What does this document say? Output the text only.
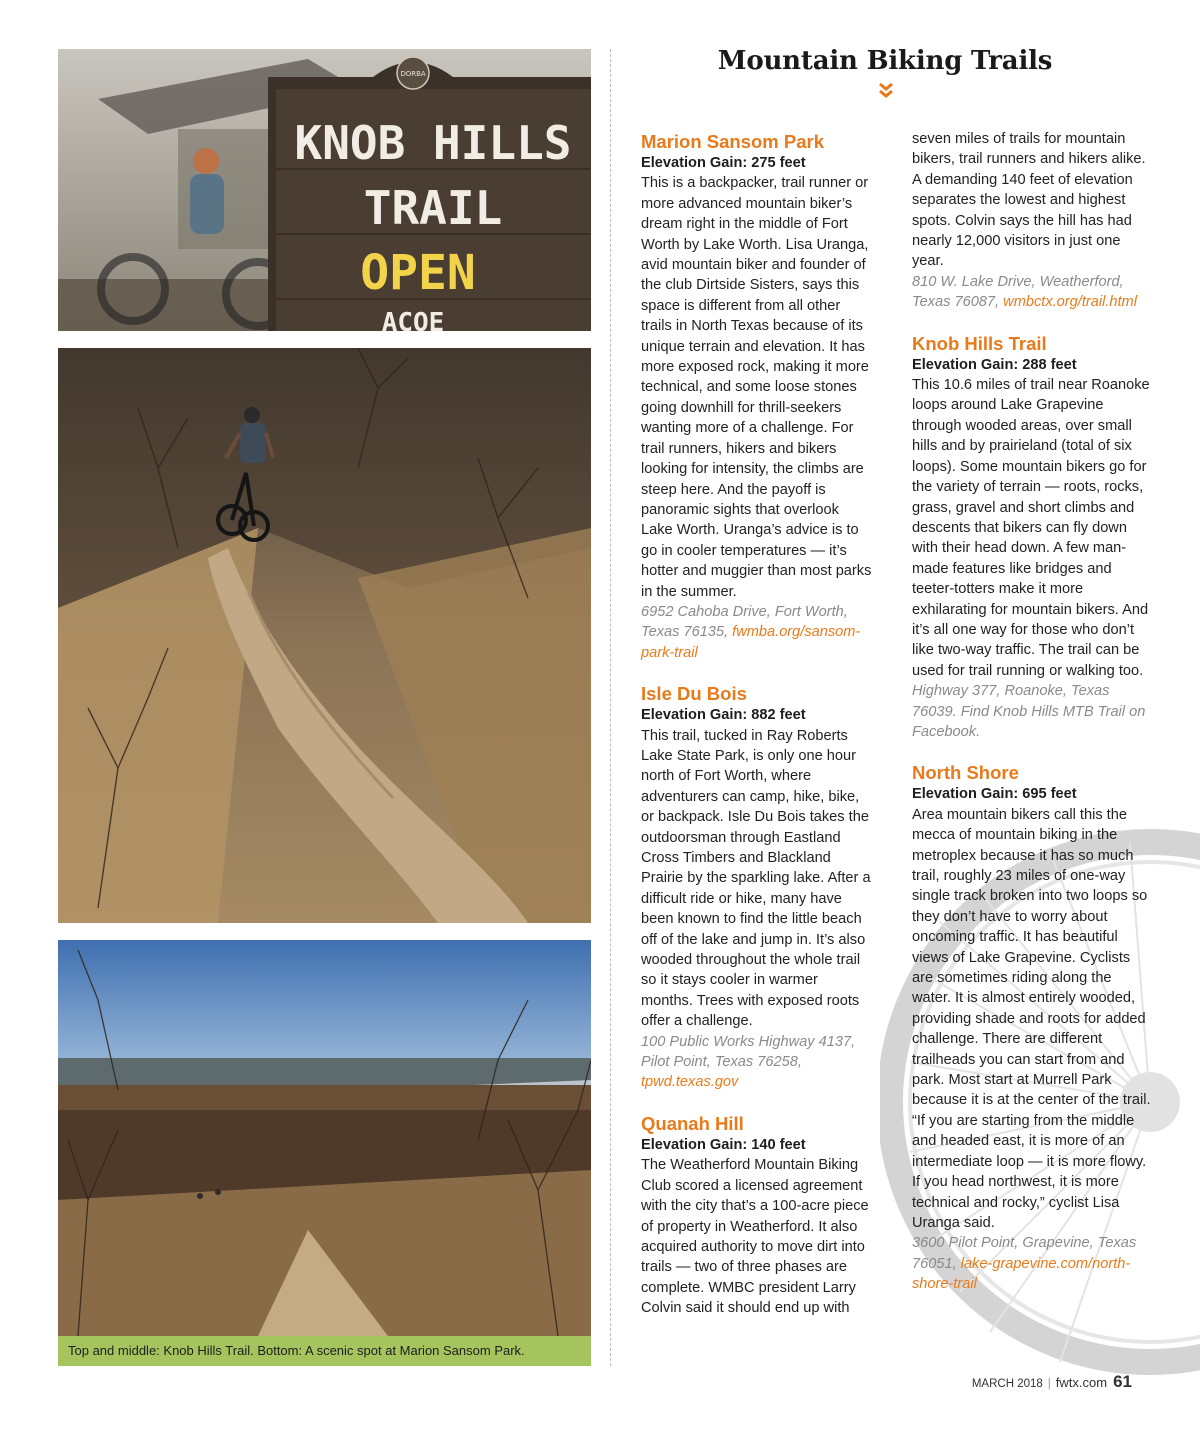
DORBA
KNOB HILLS
TRAIL
OPEN
ACOE
Top and middle: Knob Hills Trail. Bottom: A scenic spot at Marion Sansom Park.
Mountain Biking Trails
Marion Sansom Park
Elevation Gain: 275 feet

This is a backpacker, trail runner or more advanced mountain biker’s dream right in the middle of Fort Worth by Lake Worth. Lisa Uranga, avid mountain biker and founder of the club Dirtside Sisters, says this space is different from all other trails in North Texas because of its unique terrain and elevation. It has more exposed rock, making it more technical, and some loose stones going downhill for thrill-seekers wanting more of a challenge. For trail runners, hikers and bikers looking for intensity, the climbs are steep here. And the payoff is panoramic sights that overlook Lake Worth. Uranga’s advice is to go in cooler temperatures — it’s hotter and muggier than most parks in the summer.

6952 Cahoba Drive, Fort Worth, Texas 76135, fwmba.org/sansom-park-trail

Isle Du Bois
Elevation Gain: 882 feet

This trail, tucked in Ray Roberts Lake State Park, is only one hour north of Fort Worth, where adventurers can camp, hike, bike, or backpack. Isle Du Bois takes the outdoorsman through Eastland Cross Timbers and Blackland Prairie by the sparkling lake. After a difficult ride or hike, many have been known to find the little beach off of the lake and jump in. It’s also wooded throughout the whole trail so it stays cooler in warmer months. Trees with exposed roots offer a challenge.

100 Public Works Highway 4137, Pilot Point, Texas 76258, tpwd.texas.gov

Quanah Hill
Elevation Gain: 140 feet

The Weatherford Mountain Biking Club scored a licensed agreement with the city that’s a 100-acre piece of property in Weatherford. It also acquired authority to move dirt into trails — two of three phases are complete. WMBC president Larry Colvin said it should end up with

seven miles of trails for mountain bikers, trail runners and hikers alike. A demanding 140 feet of elevation separates the lowest and highest spots. Colvin says the hill has had nearly 12,000 visitors in just one year.

810 W. Lake Drive, Weatherford, Texas 76087, wmbctx.org/trail.html

Knob Hills Trail
Elevation Gain: 288 feet

This 10.6 miles of trail near Roanoke loops around Lake Grapevine through wooded areas, over small hills and by prairieland (total of six loops). Some mountain bikers go for the variety of terrain — roots, rocks, grass, gravel and short climbs and descents that bikers can fly down with their head down. A few man-made features like bridges and teeter-totters make it more exhilarating for mountain bikers. And it’s all one way for those who don’t like two-way traffic. The trail can be used for trail running or walking too.

Highway 377, Roanoke, Texas 76039. Find Knob Hills MTB Trail on Facebook.

North Shore
Elevation Gain: 695 feet

Area mountain bikers call this the mecca of mountain biking in the metroplex because it has so much trail, roughly 23 miles of one-way single track broken into two loops so they don’t have to worry about oncoming traffic. It has beautiful views of Lake Grapevine. Cyclists are sometimes riding along the water. It is almost entirely wooded, providing shade and roots for added challenge. There are different trailheads you can start from and park. Most start at Murrell Park because it is at the center of the trail. “If you are starting from the middle and headed east, it is more of an intermediate loop — it is more flowy. If you head northwest, it is more technical and rocky,” cyclist Lisa Uranga said.

3600 Pilot Point, Grapevine, Texas 76051, lake-grapevine.com/north-shore-trail

MARCH 2018 | fwtx.com 61
